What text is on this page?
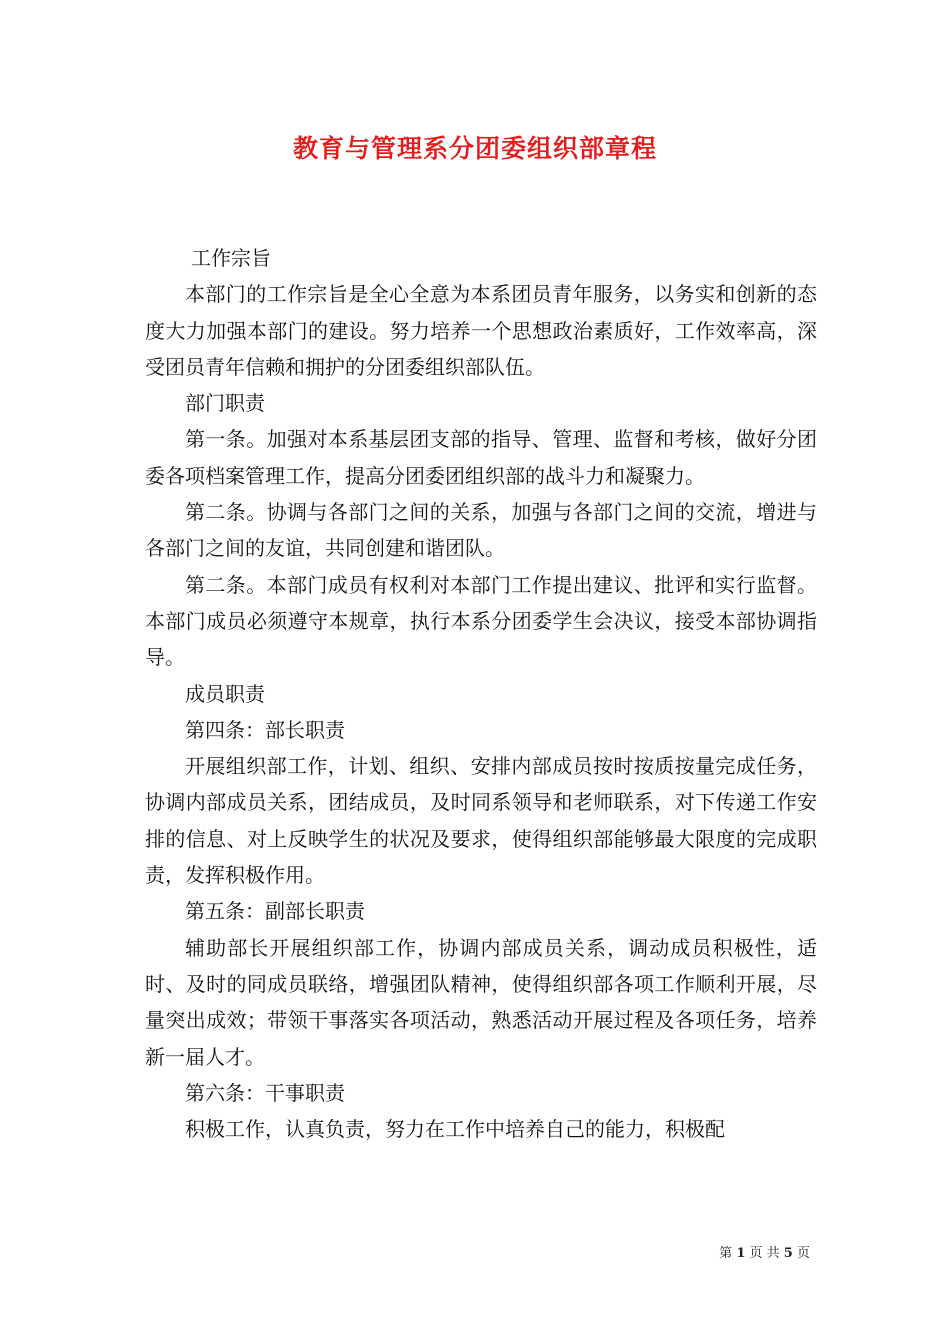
教育与管理系分团委组织部章程

工作宗旨

本部门的工作宗旨是全心全意为本系团员青年服务，以务实和创新的态度大力加强本部门的建设。努力培养一个思想政治素质好，工作效率高，深受团员青年信赖和拥护的分团委组织部队伍。

部门职责

第一条。加强对本系基层团支部的指导、管理、监督和考核，做好分团委各项档案管理工作，提高分团委团组织部的战斗力和凝聚力。

第二条。协调与各部门之间的关系，加强与各部门之间的交流，增进与各部门之间的友谊，共同创建和谐团队。

第二条。本部门成员有权利对本部门工作提出建议、批评和实行监督。本部门成员必须遵守本规章，执行本系分团委学生会决议，接受本部协调指导。

成员职责

第四条：部长职责

开展组织部工作，计划、组织、安排内部成员按时按质按量完成任务，协调内部成员关系，团结成员，及时同系领导和老师联系，对下传递工作安排的信息、对上反映学生的状况及要求，使得组织部能够最大限度的完成职责，发挥积极作用。

第五条：副部长职责

辅助部长开展组织部工作，协调内部成员关系，调动成员积极性，适时、及时的同成员联络，增强团队精神，使得组织部各项工作顺利开展，尽量突出成效；带领干事落实各项活动，熟悉活动开展过程及各项任务，培养新一届人才。

第六条：干事职责

积极工作，认真负责，努力在工作中培养自己的能力，积极配

第 1 页 共 5 页
